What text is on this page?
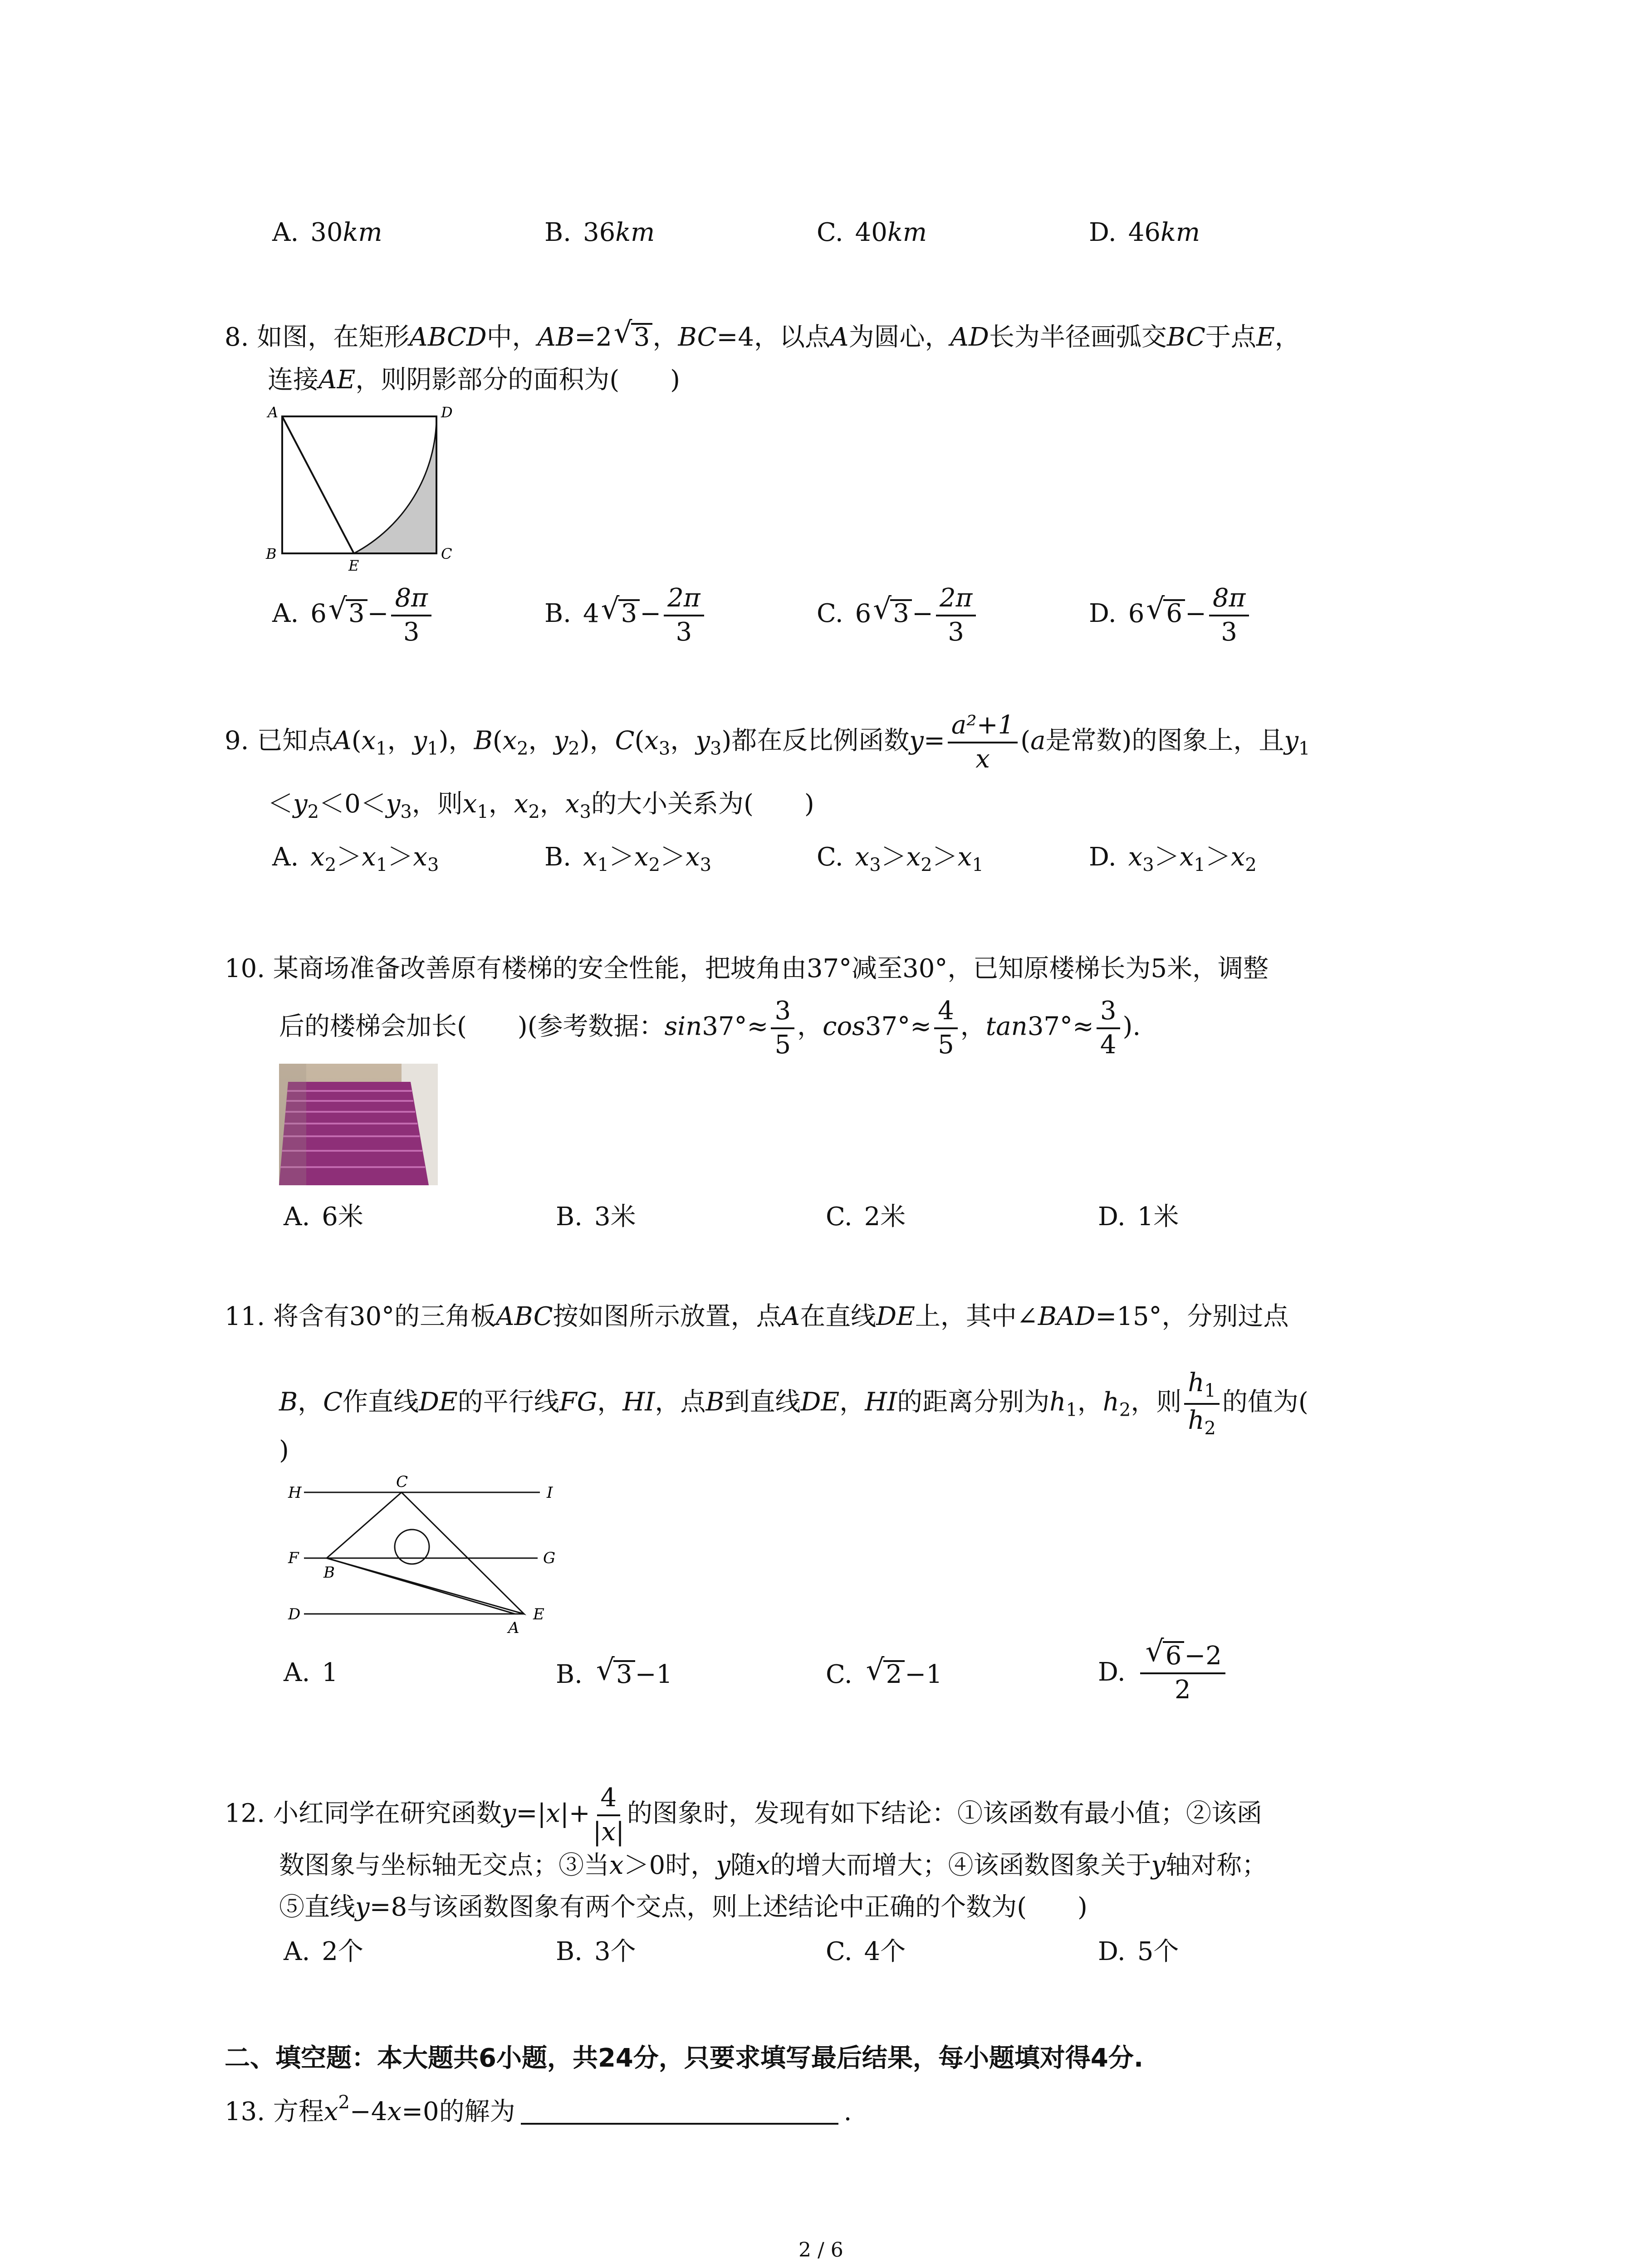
A. 30km	B. 36km	C. 40km	D. 46km
8. 如图，在矩形ABCD中，AB=2 √ 3 ，BC=4，以点A为圆心，AD长为半径画弧交BC于点E，
连接AE，则阴影部分的面积为(　　)
A	D
B
E
C
A. 6 √ $3 - \frac{8\pi}{3}$	B. 4 √ $3 - \frac{2\pi}{3}$	C. 6 √ $3 - \frac{2\pi}{3}$	D. 6 √ $6 - \frac{8\pi}{3}$
9. 已知点$A(x_1$，$y_1$)，$B(x_2$，$y_2$)，$C(x_3$，$y_3$)都在反比例函数$y= \frac{\text{a²+1}}{x} (a$是常数)的图象上，且$y_1$
$<y_2<0<y_3$，则$x_1$，$x_2$，$x_3$的大小关系为(　　)
A. $x_2>x_1>x_3$	B. $x_1>x_2>x_3$	C. $x_3>x_2>x_1$	D. $x_3>x_1>x_2$
10. 某商场准备改善原有楼梯的安全性能，把坡角由37°减至30°，已知原楼梯长为5米，调整
后的楼梯会加长(　　)(参考数据：$\sin 37^\circ\approx \frac{3}{5}$ ，$\cos 37^\circ\approx \frac{4}{5}$ ，$\tan 37^\circ\approx \frac{3}{4}$ ).
A. 6米	B. 3米	C. 2米	D. 1米
11. 将含有30°的三角板ABC按如图所示放置，点A在直线DE上，其中∠BAD=15°，分别过点
B，C作直线DE的平行线FG，HI，点B到直线DE，HI的距离分别为$h_1$，$h_2$，则 $\frac{h_1}{h_2}$ 的值为(
)
H
C
I
F
B
G
D
A
E
A. 1	B. √ 3 −1	C. √ 2 −1	D. $\frac{√ 6 -2}{2}$
12. 小红同学在研究函数$y=|x|+ \frac{4}{|x|}$ 的图象时，发现有如下结论：①该函数有最小值；②该函
数图象与坐标轴无交点；③当x＞0时，y随x的增大而增大；④该函数图象关于y轴对称；
⑤直线y=8与该函数图象有两个交点，则上述结论中正确的个数为(　　)
A. 2个	B. 3个	C. 4个	D. 5个
二、填空题：本大题共6小题，共24分，只要求填写最后结果，每小题填对得4分.
13. 方程$x^2-4x=0$的解为	.
2 / 6
